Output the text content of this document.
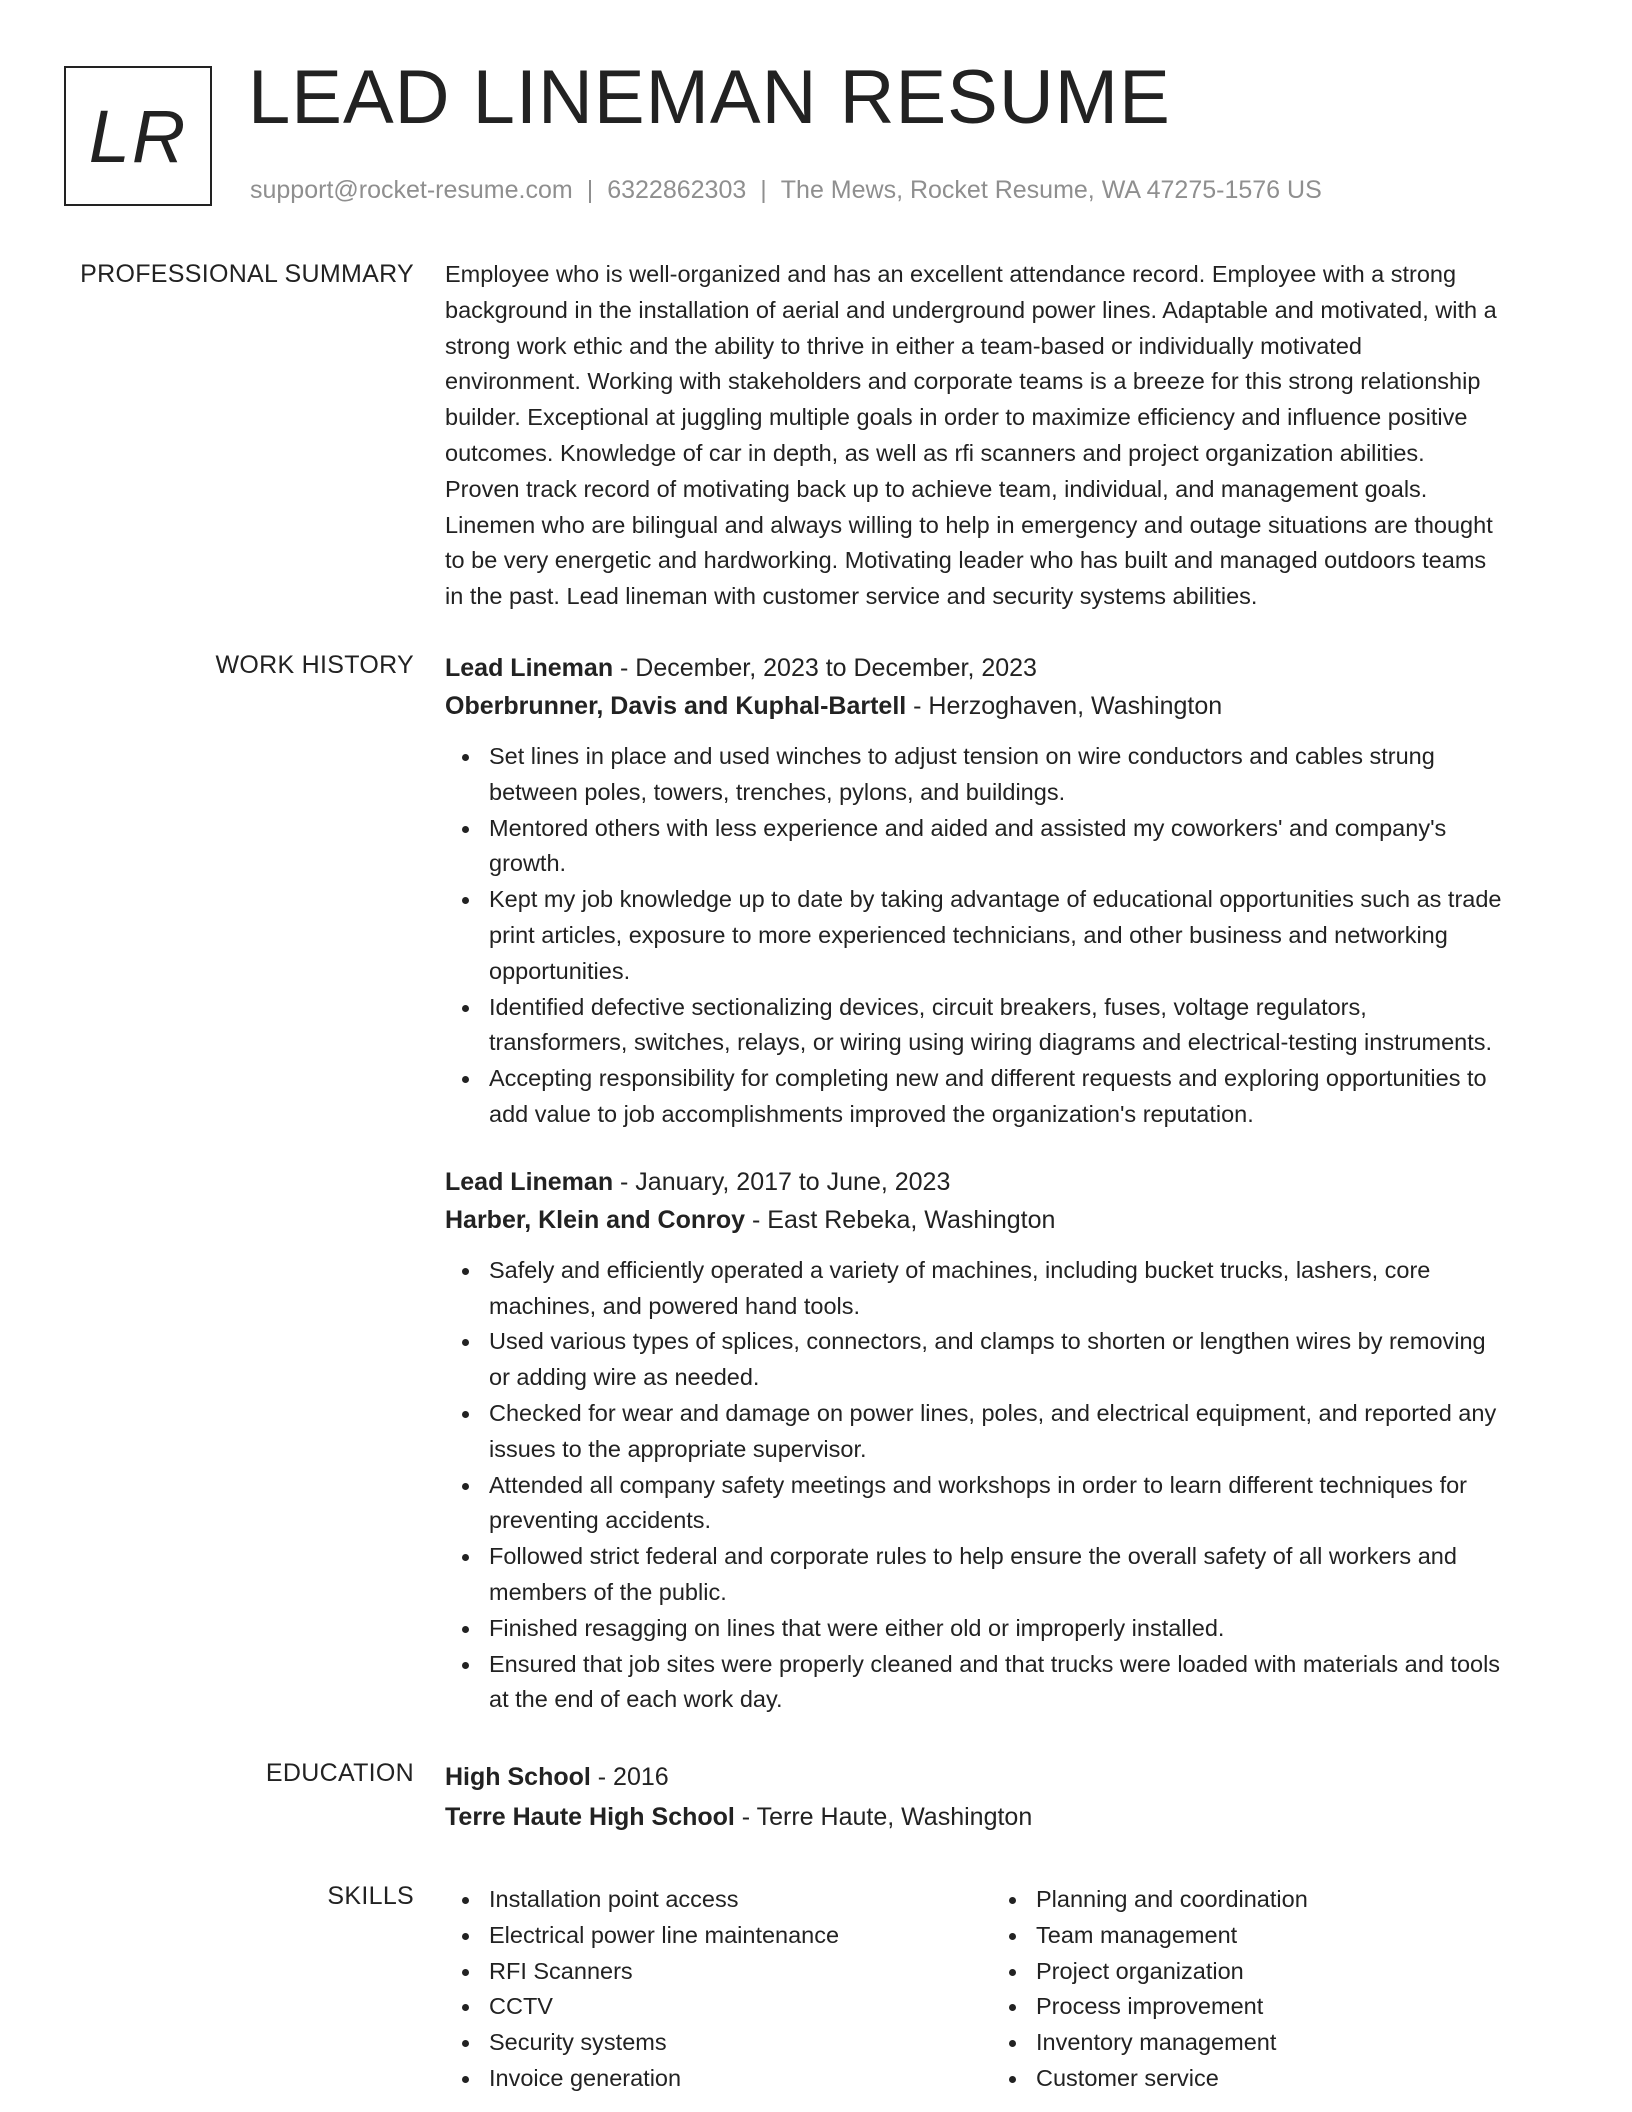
LR LEAD LINEMAN RESUME
support@rocket-resume.com | 6322862303 | The Mews, Rocket Resume, WA 47275-1576 US
PROFESSIONAL SUMMARY Employee who is well-organized and has an excellent attendance record. Employee with a strong
background in the installation of aerial and underground power lines. Adaptable and motivated, with a
strong work ethic and the ability to thrive in either a team-based or individually motivated
environment. Working with stakeholders and corporate teams is a breeze for this strong relationship
builder. Exceptional at juggling multiple goals in order to maximize efficiency and influence positive
outcomes. Knowledge of car in depth, as well as rfi scanners and project organization abilities.
Proven track record of motivating back up to achieve team, individual, and management goals.
Linemen who are bilingual and always willing to help in emergency and outage situations are thought
to be very energetic and hardworking. Motivating leader who has built and managed outdoors teams
in the past. Lead lineman with customer service and security systems abilities.

WORK HISTORY Lead Lineman - December, 2023 to December, 2023
Oberbrunner, Davis and Kuphal-Bartell - Herzoghaven, Washington
Set lines in place and used winches to adjust tension on wire conductors and cables strung
between poles, towers, trenches, pylons, and buildings.
Mentored others with less experience and aided and assisted my coworkers' and company's
growth.
Kept my job knowledge up to date by taking advantage of educational opportunities such as trade
print articles, exposure to more experienced technicians, and other business and networking
opportunities.
Identified defective sectionalizing devices, circuit breakers, fuses, voltage regulators,
transformers, switches, relays, or wiring using wiring diagrams and electrical-testing instruments.
Accepting responsibility for completing new and different requests and exploring opportunities to
add value to job accomplishments improved the organization's reputation.
Lead Lineman - January, 2017 to June, 2023
Harber, Klein and Conroy - East Rebeka, Washington
Safely and efficiently operated a variety of machines, including bucket trucks, lashers, core
machines, and powered hand tools.
Used various types of splices, connectors, and clamps to shorten or lengthen wires by removing
or adding wire as needed.
Checked for wear and damage on power lines, poles, and electrical equipment, and reported any
issues to the appropriate supervisor.
Attended all company safety meetings and workshops in order to learn different techniques for
preventing accidents.
Followed strict federal and corporate rules to help ensure the overall safety of all workers and
members of the public.
Finished resagging on lines that were either old or improperly installed.
Ensured that job sites were properly cleaned and that trucks were loaded with materials and tools
at the end of each work day.
EDUCATION High School - 2016
Terre Haute High School - Terre Haute, Washington
SKILLS	Installation point access
Electrical power line maintenance
RFI Scanners
CCTV
Security systems
Invoice generation
Planning and coordination
Team management
Project organization
Process improvement
Inventory management
Customer service
